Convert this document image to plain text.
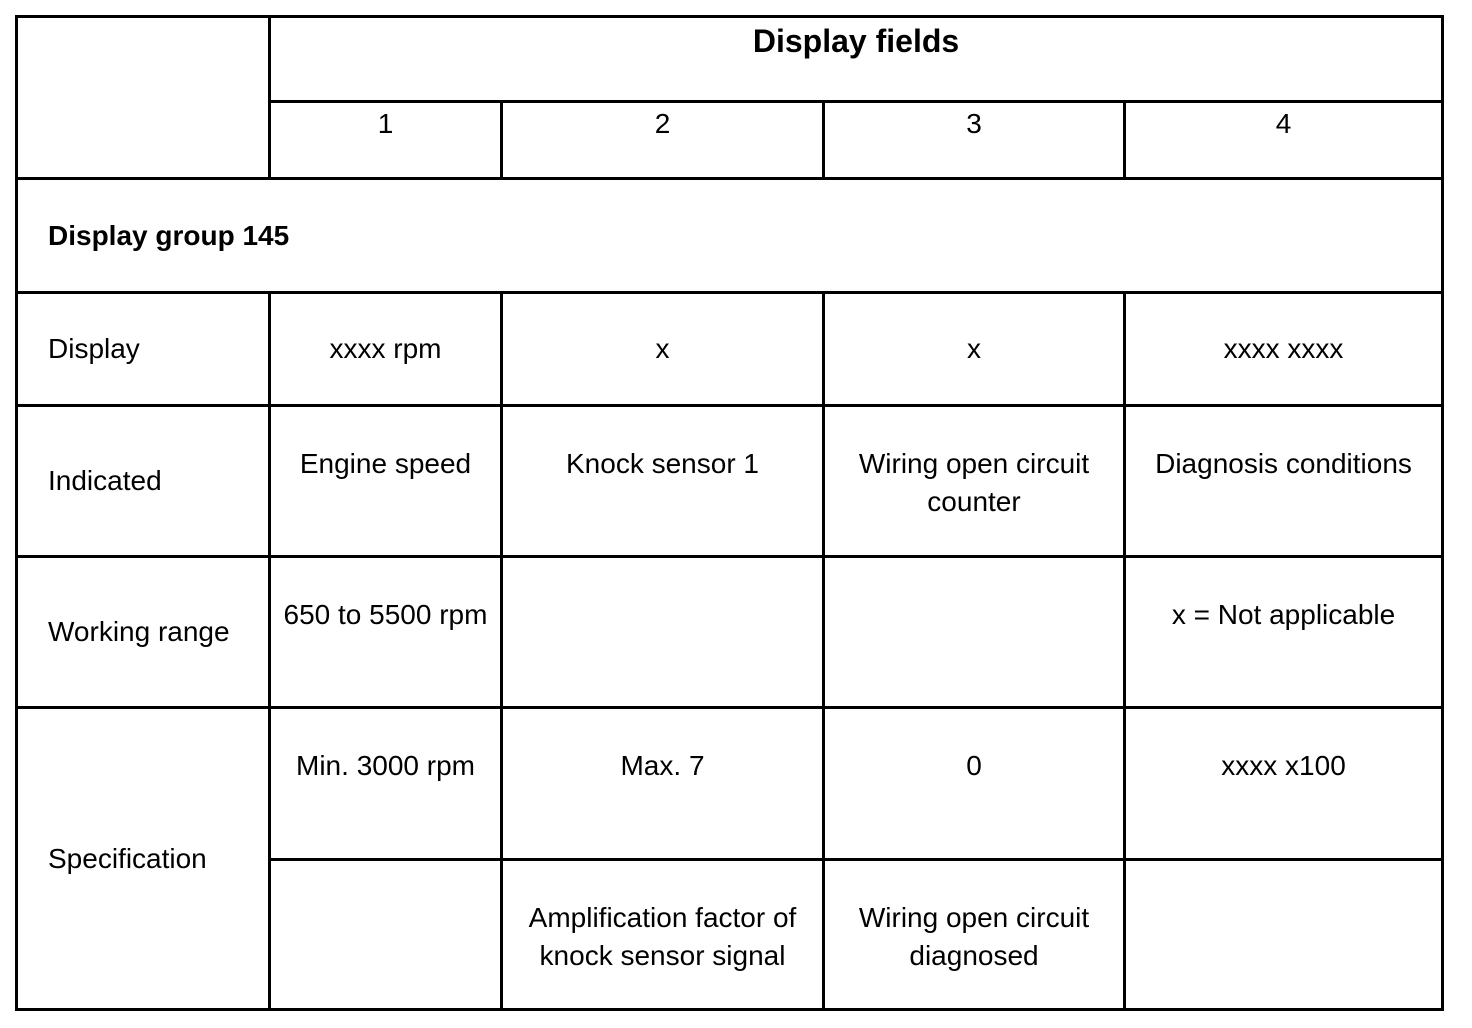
	Display fields			
	1	2	3	4
Display group 145				
Display	xxxx rpm	x	x	xxxx xxxx
Indicated	Engine speed	Knock sensor 1	Wiring open circuit counter	Diagnosis conditions
Working range	650 to 5500 rpm			x = Not applicable
Specification	Min. 3000 rpm	Max. 7	0	xxxx x100
		Amplification factor of knock sensor signal	Wiring open circuit diagnosed	
